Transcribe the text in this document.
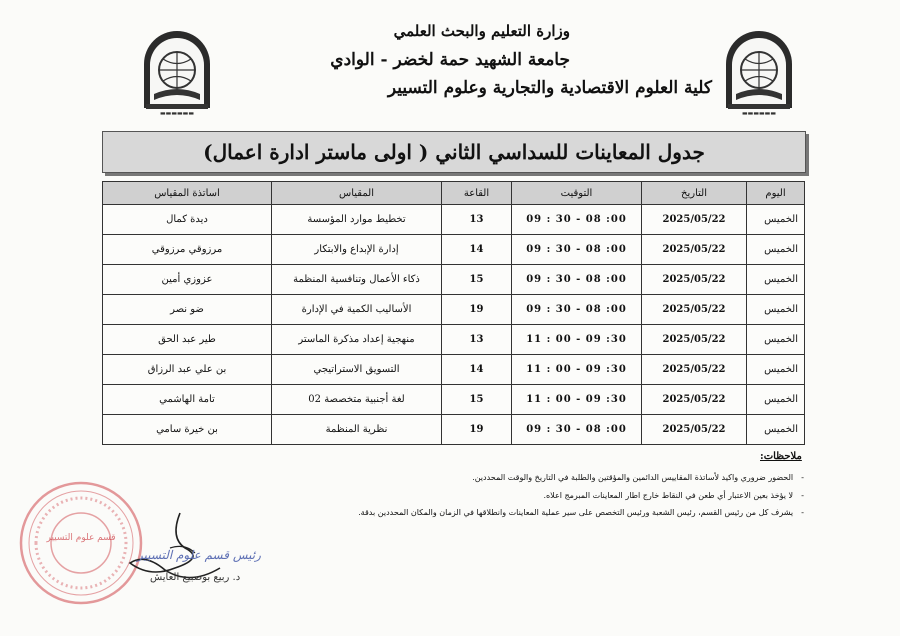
▬▬▬▬▬▬	▬▬▬▬▬▬
وزارة التعليم والبحث العلمي
جامعة الشهيد حمة لخضر - الوادي
كلية العلوم الاقتصادية والتجارية وعلوم التسيير
جدول المعاينات للسداسي الثاني ( اولى ماستر ادارة اعمال)
اليوم	التاريخ	التوقيت	القاعة	المقياس	اساتذة المقياس
الخميس	2025/05/22	09 : 30 - 08 :00	13	تخطيط موارد المؤسسة	ديدة كمال
الخميس	2025/05/22	09 : 30 - 08 :00	14	إدارة الإبداع والابتكار	مرزوقي مرزوقي
الخميس	2025/05/22	09 : 30 - 08 :00	15	ذكاء الأعمال وتنافسية المنظمة	عزوزي أمين
الخميس	2025/05/22	09 : 30 - 08 :00	19	الأساليب الكمية في الإدارة	ضو نصر
الخميس	2025/05/22	11 : 00 - 09 :30	13	منهجية إعداد مذكرة الماستر	طير عبد الحق
الخميس	2025/05/22	11 : 00 - 09 :30	14	التسويق الاستراتيجي	بن علي عبد الرزاق
الخميس	2025/05/22	11 : 00 - 09 :30	15	لغة أجنبية متخصصة 02	تامة الهاشمي
الخميس	2025/05/22	09 : 30 - 08 :00	19	نظرية المنظمة	بن خيرة سامي
ملاحظات:
-الحضور ضروري واكيد لأساتذة المقاييس الدائمين والمؤقتين والطلبة في التاريخ والوقت المحددين.
-لا يؤخذ بعين الاعتبار أي طعن في النقاط خارج اطار المعاينات المبرمج اعلاه.
-يشرف كل من رئيس القسم، رئيس الشعبة ورئيس التخصص على سير عملية المعاينات وانطلاقها في الزمان والمكان المحددين بدقة.
قسم علوم التسيير
رئيس قسم علوم التسيير
د. ربيع بوصبيع العايش
